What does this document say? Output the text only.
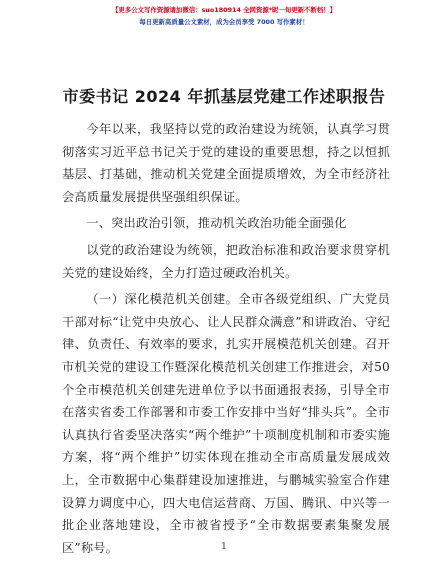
【更多公文写作资源请加微信：suo180914 全网资源*昵一旬更新不断档！】
每日更新高质量公文素材，成为会员享受 7000 写作素材！
市委书记 2024 年抓基层党建工作述职报告

今年以来，我坚持以党的政治建设为统领，认真学习贯彻落实习近平总书记关于党的建设的重要思想，持之以恒抓基层、打基础，推动机关党建全面提质增效，为全市经济社会高质量发展提供坚强组织保证。

一、突出政治引领，推动机关政治功能全面强化

以党的政治建设为统领，把政治标准和政治要求贯穿机关党的建设始终，全力打造过硬政治机关。

（一）深化模范机关创建。全市各级党组织、广大党员干部对标“让党中央放心、让人民群众满意”和讲政治、守纪律、负责任、有效率的要求，扎实开展模范机关创建。召开市机关党的建设工作暨深化模范机关创建工作推进会，对50个全市模范机关创建先进单位予以书面通报表扬，引导全市在落实省委工作部署和市委工作安排中当好“排头兵”。全市认真执行省委坚决落实“两个维护”十项制度机制和市委实施方案，将“两个维护”切实体现在推动全市高质量发展成效上，全市数据中心集群建设加速推进，与鹏城实验室合作建设算力调度中心，四大电信运营商、万国、腾讯、中兴等一批企业落地建设，全市被省授予“全市数据要素集聚发展区”称号。	1
